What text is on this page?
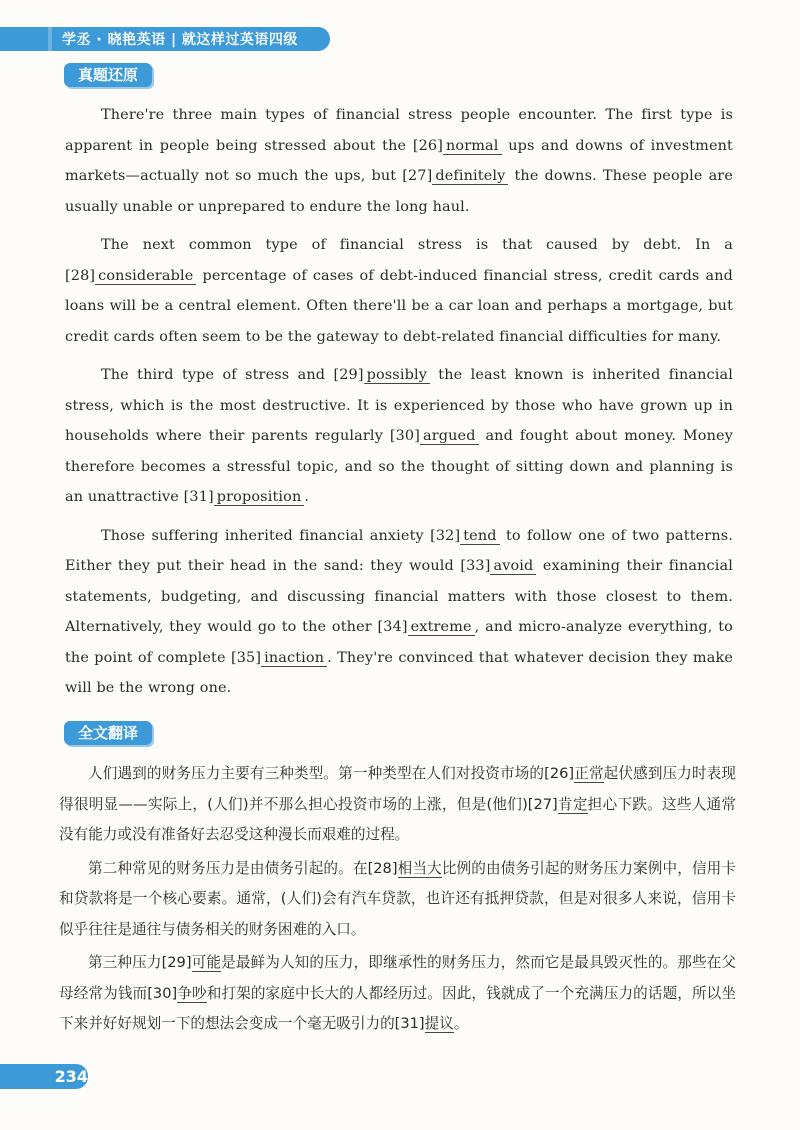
学丞 · 晓艳英语 | 就这样过英语四级
真题还原

There're three main types of financial stress people encounter. The first type is apparent in people being stressed about the [26] normal ups and downs of investment markets—actually not so much the ups, but [27] definitely the downs. These people are usually unable or unprepared to endure the long haul.

The next common type of financial stress is that caused by debt. In a [28] considerable percentage of cases of debt-induced financial stress, credit cards and loans will be a central element. Often there'll be a car loan and perhaps a mortgage, but credit cards often seem to be the gateway to debt-related financial difficulties for many.

The third type of stress and [29] possibly the least known is inherited financial stress, which is the most destructive. It is experienced by those who have grown up in households where their parents regularly [30] argued and fought about money. Money therefore becomes a stressful topic, and so the thought of sitting down and planning is an unattractive [31] proposition .

Those suffering inherited financial anxiety [32] tend to follow one of two patterns. Either they put their head in the sand: they would [33] avoid examining their financial statements, budgeting, and discussing financial matters with those closest to them. Alternatively, they would go to the other [34] extreme , and micro-analyze everything, to the point of complete [35] inaction . They're convinced that whatever decision they make will be the wrong one.

全文翻译

人们遇到的财务压力主要有三种类型。第一种类型在人们对投资市场的[26]正常起伏感到压力时表现得很明显——实际上，(人们)并不那么担心投资市场的上涨，但是(他们)[27]肯定担心下跌。这些人通常没有能力或没有准备好去忍受这种漫长而艰难的过程。

第二种常见的财务压力是由债务引起的。在[28]相当大比例的由债务引起的财务压力案例中，信用卡和贷款将是一个核心要素。通常，(人们)会有汽车贷款，也许还有抵押贷款，但是对很多人来说，信用卡似乎往往是通往与债务相关的财务困难的入口。

第三种压力[29]可能是最鲜为人知的压力，即继承性的财务压力，然而它是最具毁灭性的。那些在父母经常为钱而[30]争吵和打架的家庭中长大的人都经历过。因此，钱就成了一个充满压力的话题，所以坐下来并好好规划一下的想法会变成一个毫无吸引力的[31]提议。

234
